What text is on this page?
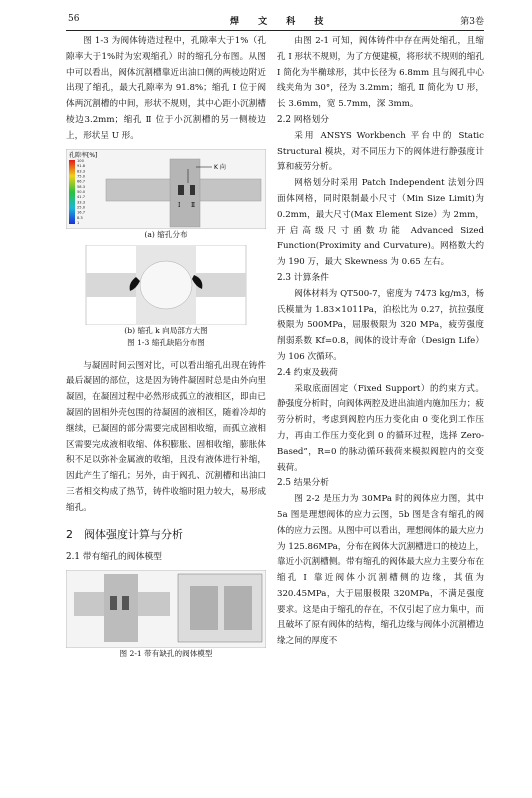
56	焊 文 科 技	第3卷

图 1-3 为阀体铸造过程中，孔隙率大于1%（孔隙率大于1%时为宏观缩孔）时的缩孔分布图。从图中可以看出，阀体沉割槽靠近出油口侧的两棱边附近出现了缩孔，最大孔隙率为 91.8%；缩孔 Ⅰ 位于阀体两沉割槽的中间，形状不规则，其中心距小沉割槽棱边3.2mm；缩孔 Ⅱ 位于小沉割槽的另一侧棱边上，形状呈 U 形。

孔隙率[%]
100
91.8
83.3
75.0
66.7
58.3
50.0
41.7
33.3
25.0
16.7
8.3
1
K 向
Ⅰ Ⅱ
(a) 缩孔分布
(b) 缩孔 k 向局部方大图
图 1-3 缩孔缺陷分布图

与凝固时间云图对比，可以看出缩孔出现在铸件最后凝固的部位，这是因为铸件凝固时总是由外向里凝固，在凝固过程中必然形成孤立的液相区，即由已凝固的固相外壳包围的待凝固的液相区，随着冷却的继续，已凝固的部分需要完成固相收缩，而孤立液相区需要完成液相收缩、体积膨胀、固相收缩，膨胀体积不足以弥补金属液的收缩，且没有液体进行补缩，因此产生了缩孔；另外，由于阀孔、沉割槽和出油口三者相交构成了热节，铸件收缩时阻力较大，易形成缩孔。

2　阀体强度计算与分析
2.1 带有缩孔的阀体模型
图 2-1 带有缺孔的阀体模型

由图 2-1 可知，阀体铸件中存在两处缩孔，且缩孔 Ⅰ 形状不规则，为了方便建模，将形状不规则的缩孔 Ⅰ 简化为半椭球形，其中长径为 6.8mm 且与阀孔中心线夹角为 30°，径为 3.2mm；缩孔 Ⅱ 简化为 U 形，长 3.6mm，宽 5.7mm，深 3mm。

2.2 网格划分

采用 ANSYS Workbench 平台中的 Static Structural 模块，对不同压力下的阀体进行静强度计算和疲劳分析。

网格划分时采用 Patch Independent 法划分四面体网格，同时限制最小尺寸（Min Size Limit)为 0.2mm，最大尺寸(Max Element Size）为 2mm，开启高级尺寸函数功能 Advanced Sized Function(Proximity and Curvature)。网格数大约为 190 万，最大 Skewness 为 0.65 左右。

2.3 计算条件

阀体材料为 QT500-7，密度为 7473 kg/m3，杨氏模量为 1.83×1011Pa，泊松比为 0.27，抗拉强度极限为 500MPa，屈服极限为 320 MPa，疲劳强度削弱系数 Kf=0.8，阀体的设计寿命（Design Life）为 106 次循环。

2.4 约束及载荷

采取底面固定（Fixed Support）的约束方式。静强度分析时，向阀体两腔及进出油道内施加压力；疲劳分析时，考虑到阀腔内压力变化由 0 变化到工作压力，再由工作压力变化到 0 的循环过程，选择 Zero-Based”，R=0 的脉动循环载荷来模拟阀腔内的交变载荷。

2.5 结果分析

图 2-2 是压力为 30MPa 时的阀体应力图，其中 5a 图是理想阀体的应力云图，5b 图是含有缩孔的阀体的应力云图。从图中可以看出，理想阀体的最大应力为 125.86MPa，分布在阀体大沉割槽进口的棱边上，靠近小沉割槽侧。带有缩孔的阀体最大应力主要分布在缩孔 Ⅰ 靠近阀体小沉割槽侧的边缘，其值为 320.45MPa，大于屈服极限 320MPa，不满足强度要求。这是由于缩孔的存在，不仅引起了应力集中，而且破坏了原有阀体的结构，缩孔边缘与阀体小沉割槽边缘之间的厚度不
